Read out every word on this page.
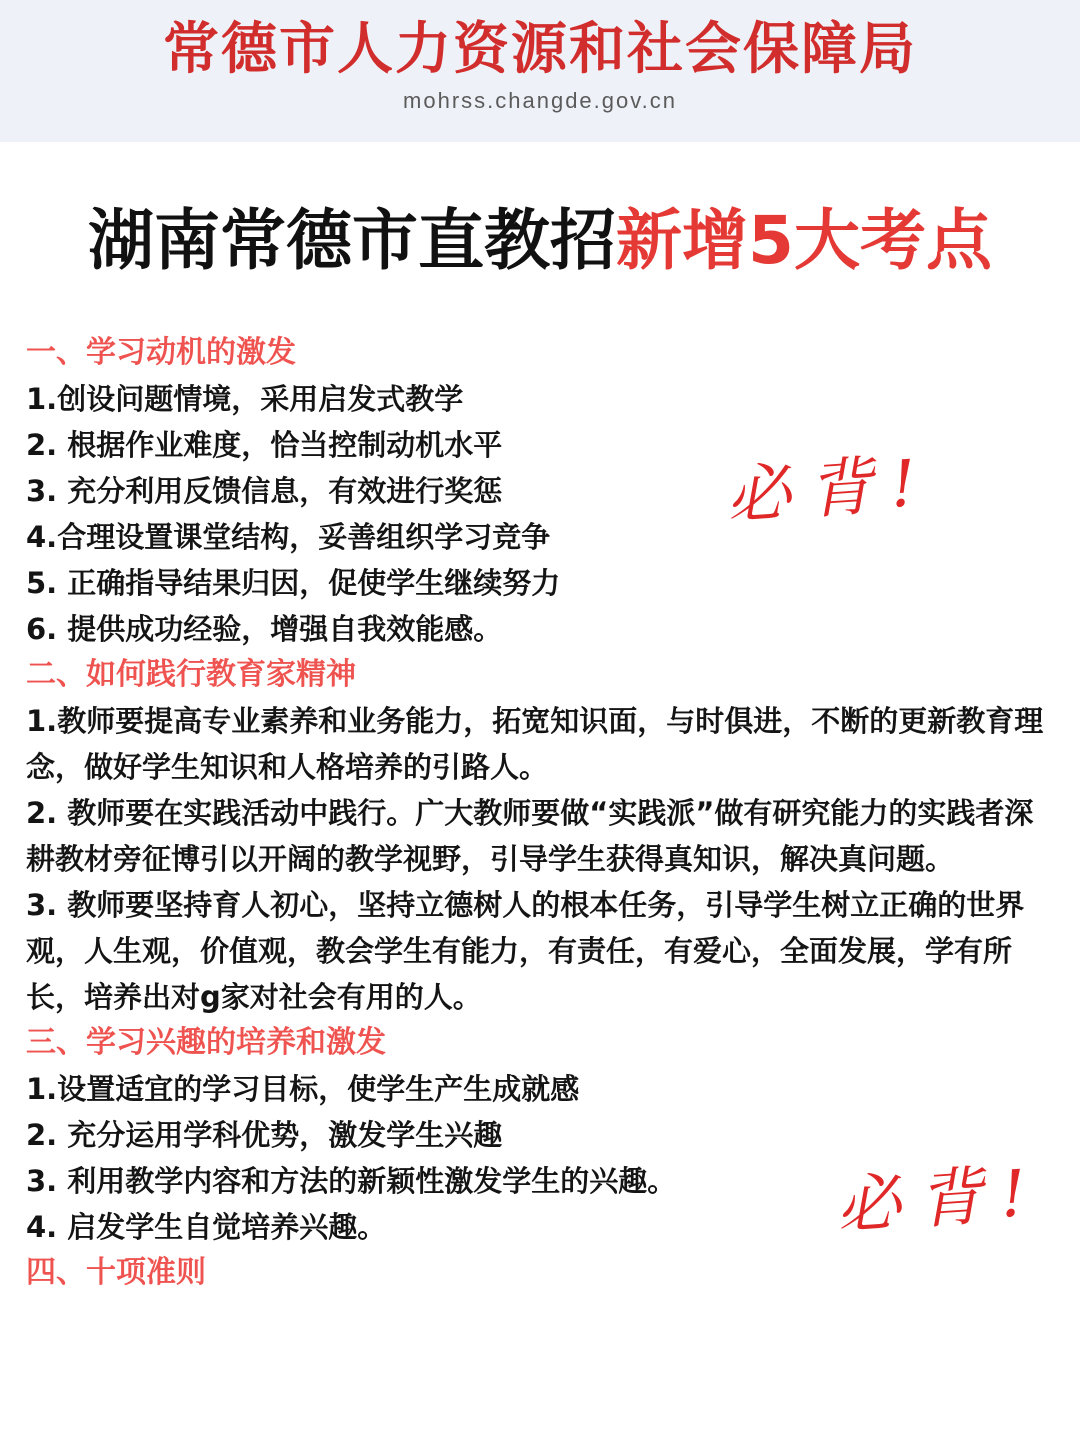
常德市人力资源和社会保障局
mohrss.changde.gov.cn
湖南常德市直教招新增5大考点
一、学习动机的激发
1.创设问题情境，采用启发式教学
2. 根据作业难度，恰当控制动机水平
3. 充分利用反馈信息，有效进行奖惩
4.合理设置课堂结构，妥善组织学习竞争
5. 正确指导结果归因，促使学生继续努力
6. 提供成功经验，增强自我效能感。
二、如何践行教育家精神
1.教师要提高专业素养和业务能力，拓宽知识面，与时俱进，不断的更新教育理念，做好学生知识和人格培养的引路人。
2. 教师要在实践活动中践行。广大教师要做“实践派”做有研究能力的实践者深耕教材旁征博引以开阔的教学视野，引导学生获得真知识，解决真问题。
3. 教师要坚持育人初心，坚持立德树人的根本任务，引导学生树立正确的世界观，人生观，价值观，教会学生有能力，有责任，有爱心，全面发展，学有所长，培养出对g家对社会有用的人。
三、学习兴趣的培养和激发
1.设置适宜的学习目标，使学生产生成就感
2. 充分运用学科优势，激发学生兴趣
3. 利用教学内容和方法的新颖性激发学生的兴趣。
4. 启发学生自觉培养兴趣。
四、十项准则
必背!
必背!
